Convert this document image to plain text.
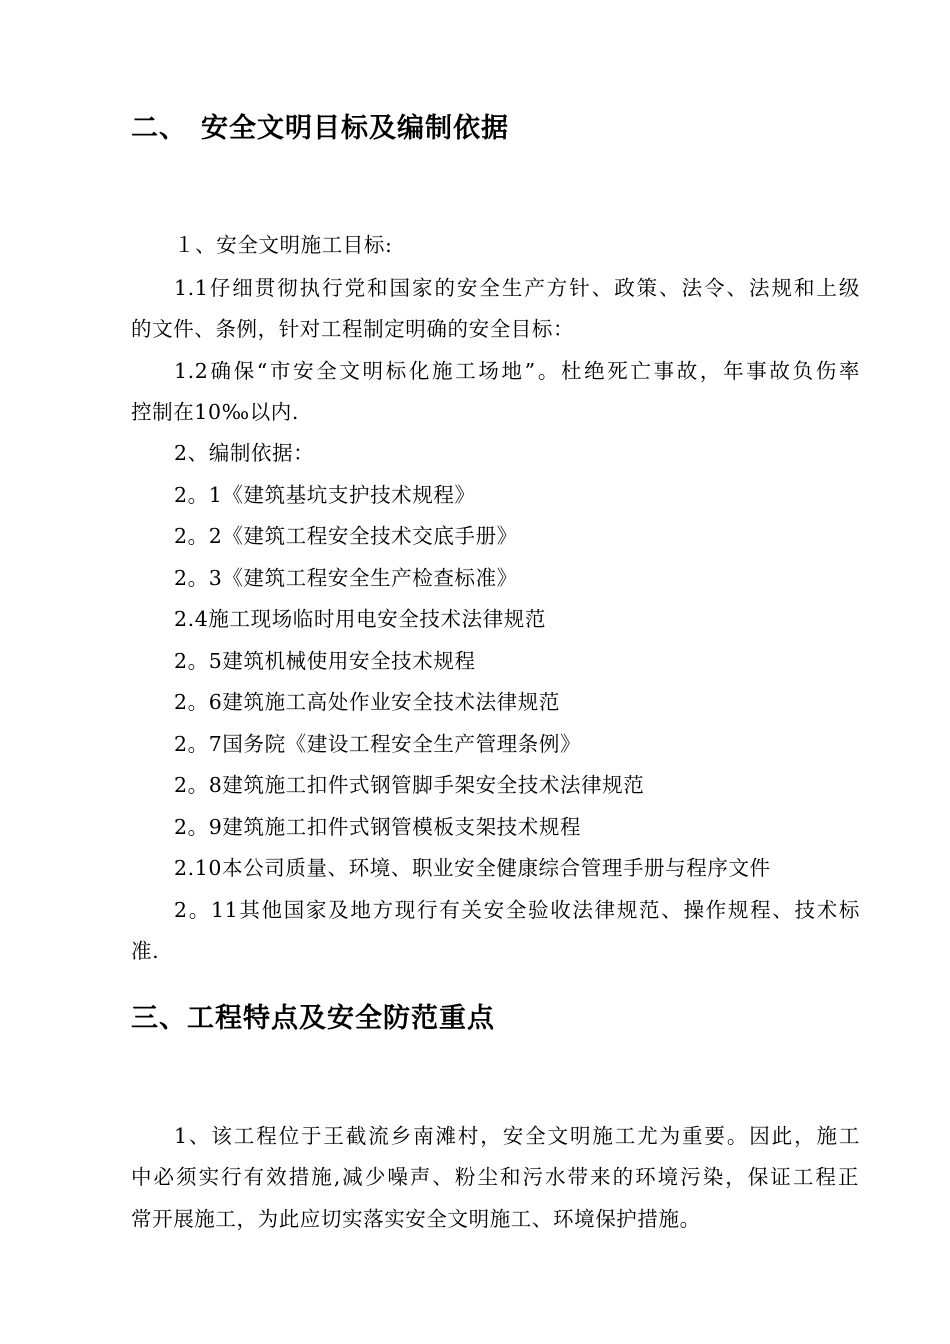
二、 安全文明目标及编制依据
１、安全文明施工目标:
1.1仔细贯彻执行党和国家的安全生产方针、政策、法令、法规和上级
的文件、条例，针对工程制定明确的安全目标：
1.2确保“市安全文明标化施工场地”。杜绝死亡事故，年事故负伤率
控制在10‰以内.
2、编制依据：
2。1《建筑基坑支护技术规程》
2。2《建筑工程安全技术交底手册》
2。3《建筑工程安全生产检查标准》
2.4施工现场临时用电安全技术法律规范
2。5建筑机械使用安全技术规程
2。6建筑施工高处作业安全技术法律规范
2。7国务院《建设工程安全生产管理条例》
2。8建筑施工扣件式钢管脚手架安全技术法律规范
2。9建筑施工扣件式钢管模板支架技术规程
2.10本公司质量、环境、职业安全健康综合管理手册与程序文件
2。11其他国家及地方现行有关安全验收法律规范、操作规程、技术标
准.
三、工程特点及安全防范重点
1、该工程位于王截流乡南滩村，安全文明施工尤为重要。因此，施工
中必须实行有效措施,减少噪声、粉尘和污水带来的环境污染，保证工程正
常开展施工，为此应切实落实安全文明施工、环境保护措施。
